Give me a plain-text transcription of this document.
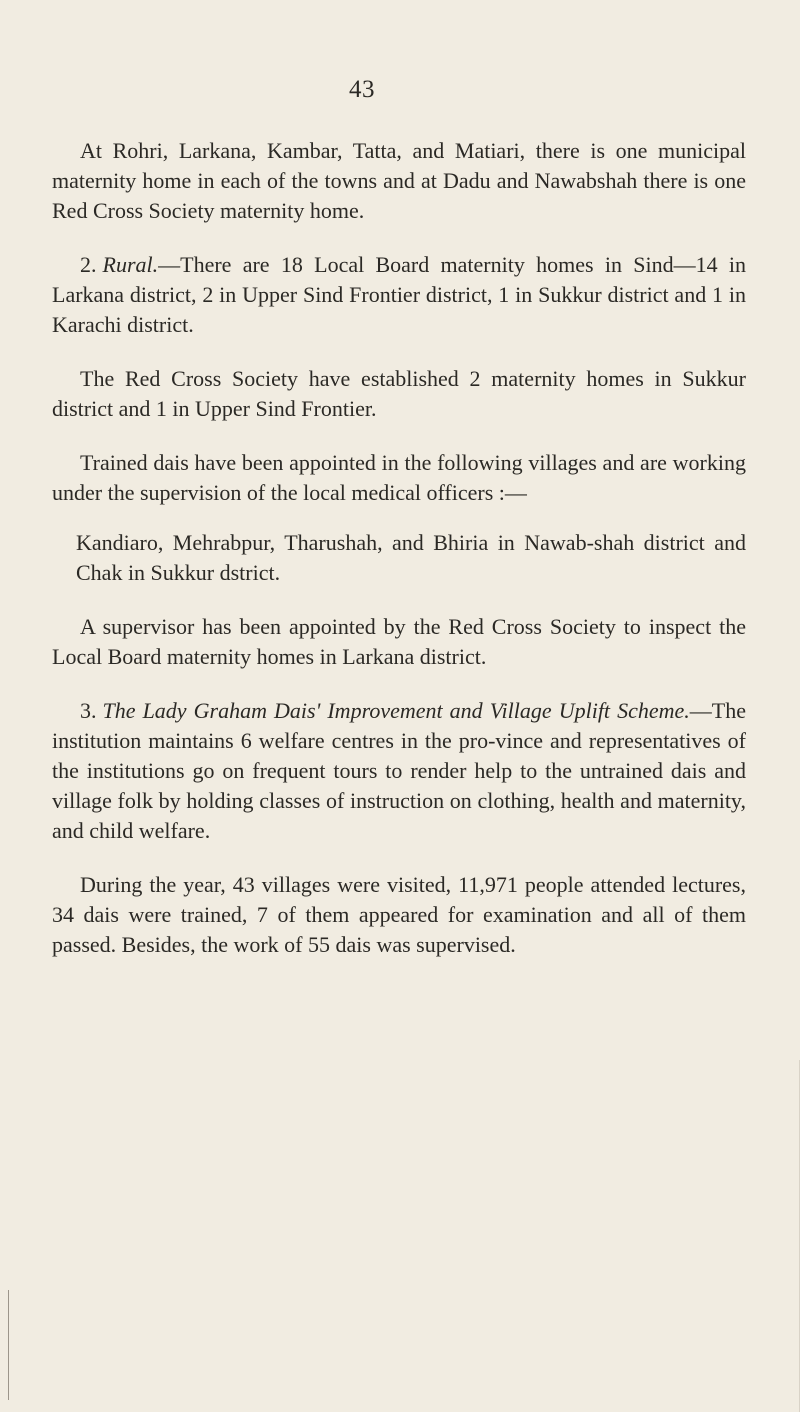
43

At Rohri, Larkana, Kambar, Tatta, and Matiari, there is one municipal maternity home in each of the towns and at Dadu and Nawabshah there is one Red Cross Society maternity home.

2. Rural.—There are 18 Local Board maternity homes in Sind—14 in Larkana district, 2 in Upper Sind Frontier district, 1 in Sukkur district and 1 in Karachi district.

The Red Cross Society have established 2 maternity homes in Sukkur district and 1 in Upper Sind Frontier.

Trained dais have been appointed in the following villages and are working under the supervision of the local medical officers :—

Kandiaro, Mehrabpur, Tharushah, and Bhiria in Nawab-shah district and Chak in Sukkur dstrict.

A supervisor has been appointed by the Red Cross Society to inspect the Local Board maternity homes in Larkana district.

3. The Lady Graham Dais' Improvement and Village Uplift Scheme.—The institution maintains 6 welfare centres in the pro-vince and representatives of the institutions go on frequent tours to render help to the untrained dais and village folk by holding classes of instruction on clothing, health and maternity, and child welfare.

During the year, 43 villages were visited, 11,971 people attended lectures, 34 dais were trained, 7 of them appeared for examination and all of them passed. Besides, the work of 55 dais was supervised.
